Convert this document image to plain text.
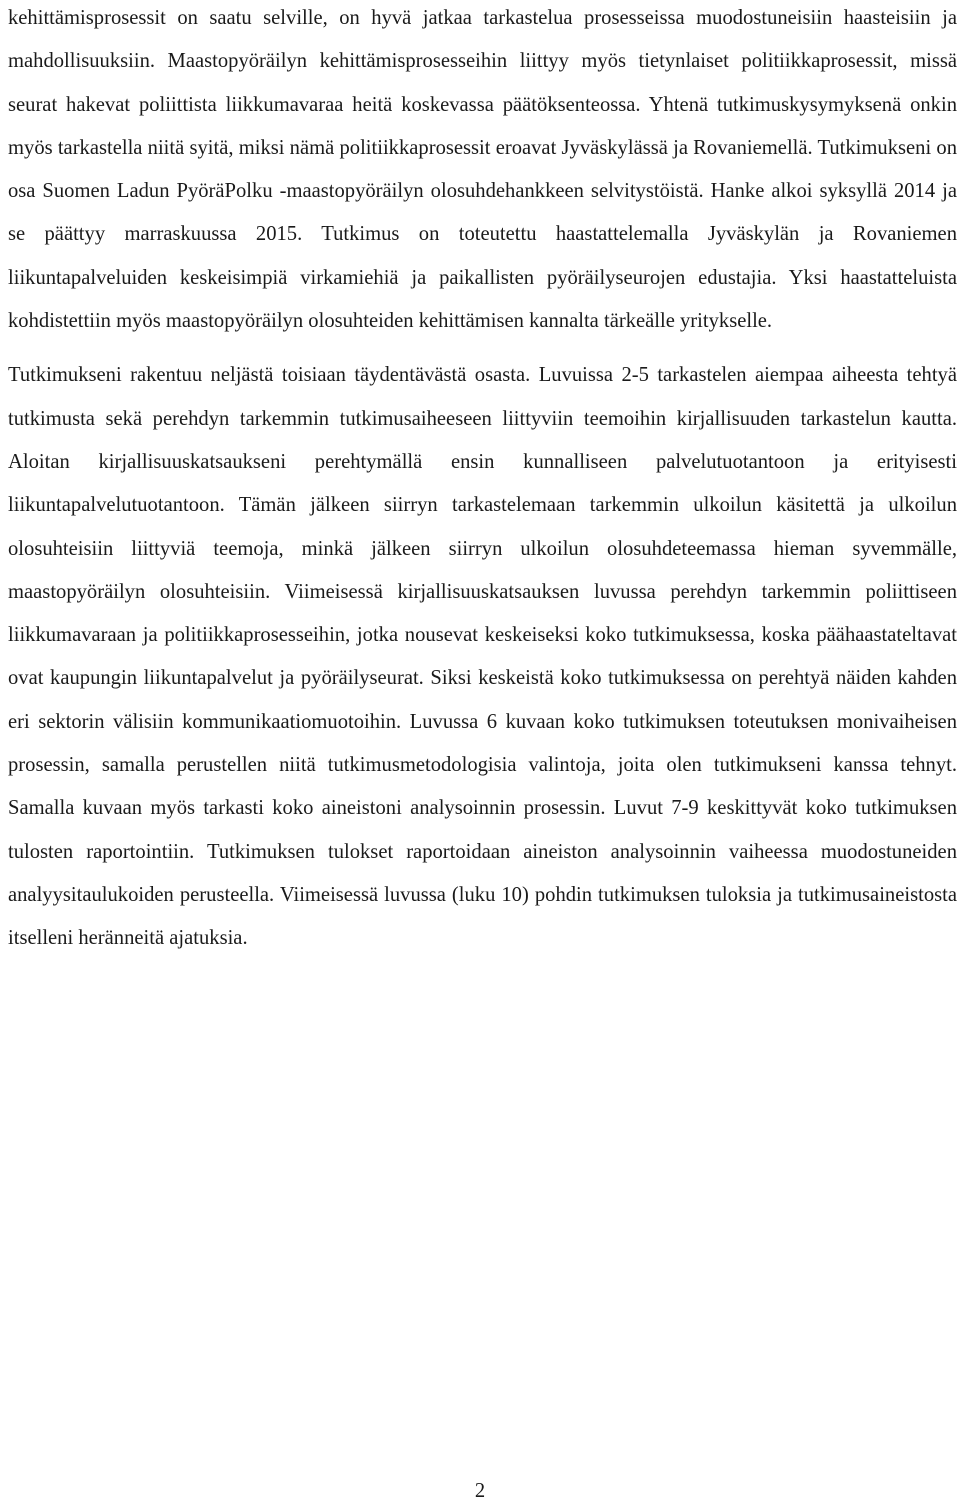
kehittämisprosessit on saatu selville, on hyvä jatkaa tarkastelua prosesseissa muodostuneisiin haasteisiin ja mahdollisuuksiin. Maastopyöräilyn kehittämisprosesseihin liittyy myös tietynlaiset politiikkaprosessit, missä seurat hakevat poliittista liikkumavaraa heitä koskevassa päätöksenteossa. Yhtenä tutkimuskysymyksenä onkin myös tarkastella niitä syitä, miksi nämä politiikkaprosessit eroavat Jyväskylässä ja Rovaniemellä. Tutkimukseni on osa Suomen Ladun PyöräPolku -maastopyöräilyn olosuhdehankkeen selvitystöistä. Hanke alkoi syksyllä 2014 ja se päättyy marraskuussa 2015. Tutkimus on toteutettu haastattelemalla Jyväskylän ja Rovaniemen liikuntapalveluiden keskeisimpiä virkamiehiä ja paikallisten pyöräilyseurojen edustajia. Yksi haastatteluista kohdistettiin myös maastopyöräilyn olosuhteiden kehittämisen kannalta tärkeälle yritykselle.

Tutkimukseni rakentuu neljästä toisiaan täydentävästä osasta. Luvuissa 2-5 tarkastelen aiempaa aiheesta tehtyä tutkimusta sekä perehdyn tarkemmin tutkimusaiheeseen liittyviin teemoihin kirjallisuuden tarkastelun kautta. Aloitan kirjallisuuskatsaukseni perehtymällä ensin kunnalliseen palvelutuotantoon ja erityisesti liikuntapalvelutuotantoon. Tämän jälkeen siirryn tarkastelemaan tarkemmin ulkoilun käsitettä ja ulkoilun olosuhteisiin liittyviä teemoja, minkä jälkeen siirryn ulkoilun olosuhdeteemassa hieman syvemmälle, maastopyöräilyn olosuhteisiin. Viimeisessä kirjallisuuskatsauksen luvussa perehdyn tarkemmin poliittiseen liikkumavaraan ja politiikkaprosesseihin, jotka nousevat keskeiseksi koko tutkimuksessa, koska päähaastateltavat ovat kaupungin liikuntapalvelut ja pyöräilyseurat. Siksi keskeistä koko tutkimuksessa on perehtyä näiden kahden eri sektorin välisiin kommunikaatiomuotoihin. Luvussa 6 kuvaan koko tutkimuksen toteutuksen monivaiheisen prosessin, samalla perustellen niitä tutkimusmetodologisia valintoja, joita olen tutkimukseni kanssa tehnyt. Samalla kuvaan myös tarkasti koko aineistoni analysoinnin prosessin. Luvut 7-9 keskittyvät koko tutkimuksen tulosten raportointiin. Tutkimuksen tulokset raportoidaan aineiston analysoinnin vaiheessa muodostuneiden analyysitaulukoiden perusteella. Viimeisessä luvussa (luku 10) pohdin tutkimuksen tuloksia ja tutkimusaineistosta itselleni heränneitä ajatuksia.

2
